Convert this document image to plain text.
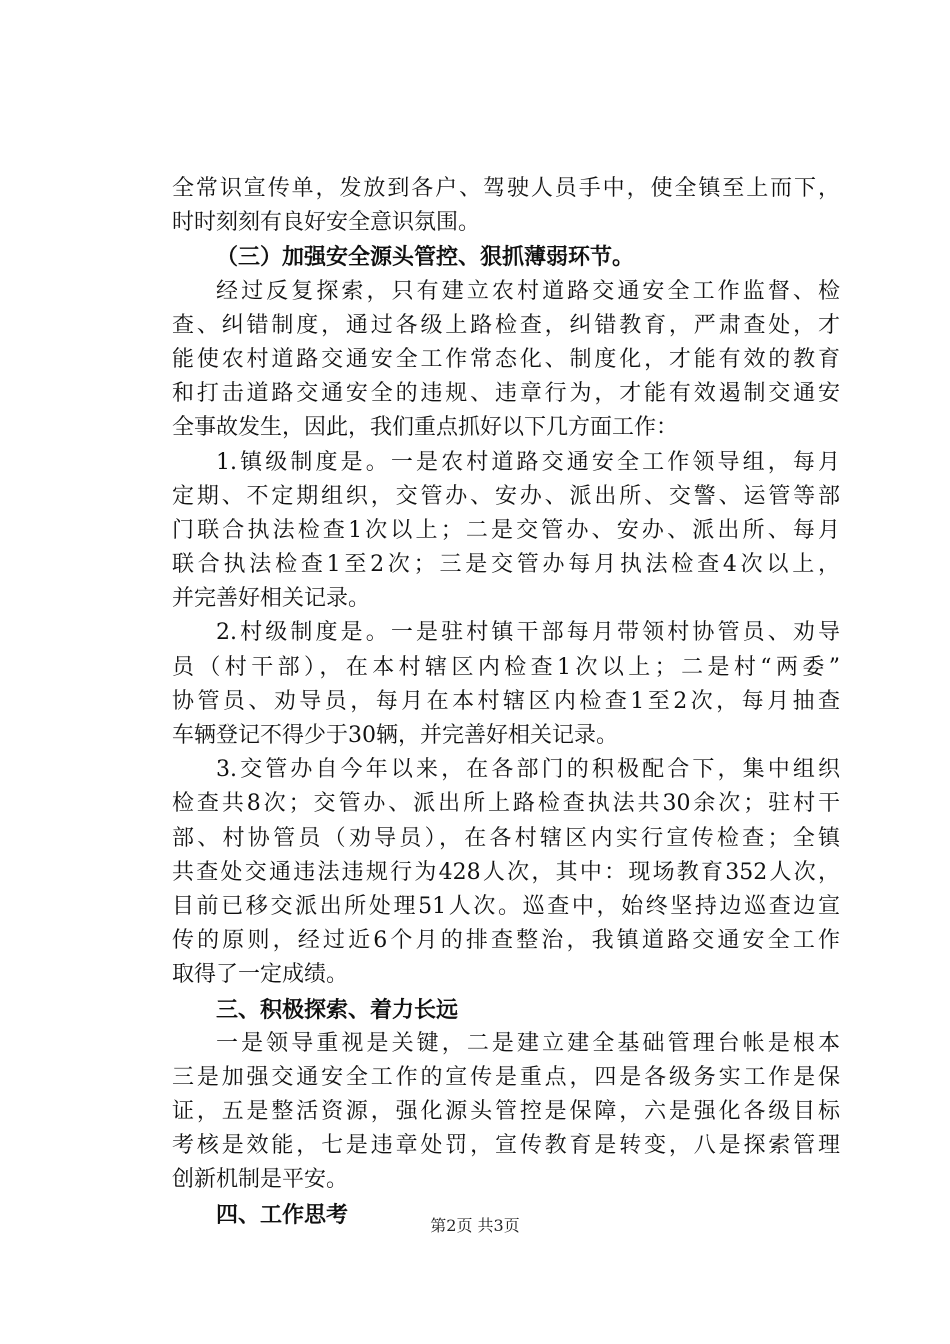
全常识宣传单，发放到各户、驾驶人员手中，使全镇至上而下，
时时刻刻有良好安全意识氛围。
（三）加强安全源头管控、狠抓薄弱环节。
经过反复探索，只有建立农村道路交通安全工作监督、检
查、纠错制度，通过各级上路检查，纠错教育，严肃查处，才
能使农村道路交通安全工作常态化、制度化，才能有效的教育
和打击道路交通安全的违规、违章行为，才能有效遏制交通安
全事故发生，因此，我们重点抓好以下几方面工作：
1.镇级制度是。一是农村道路交通安全工作领导组，每月
定期、不定期组织，交管办、安办、派出所、交警、运管等部
门联合执法检查1次以上；二是交管办、安办、派出所、每月
联合执法检查1至2次；三是交管办每月执法检查4次以上，
并完善好相关记录。
2.村级制度是。一是驻村镇干部每月带领村协管员、劝导
员（村干部），在本村辖区内检查1次以上；二是村“两委”
协管员、劝导员，每月在本村辖区内检查1至2次，每月抽查
车辆登记不得少于30辆，并完善好相关记录。
3.交管办自今年以来，在各部门的积极配合下，集中组织
检查共8次；交管办、派出所上路检查执法共30余次；驻村干
部、村协管员（劝导员），在各村辖区内实行宣传检查；全镇
共查处交通违法违规行为428人次，其中：现场教育352人次，
目前已移交派出所处理51人次。巡查中，始终坚持边巡查边宣
传的原则，经过近6个月的排查整治，我镇道路交通安全工作
取得了一定成绩。
三、积极探索、着力长远
一是领导重视是关键，二是建立建全基础管理台帐是根本
三是加强交通安全工作的宣传是重点，四是各级务实工作是保
证，五是整活资源，强化源头管控是保障，六是强化各级目标
考核是效能，七是违章处罚，宣传教育是转变，八是探索管理
创新机制是平安。
四、工作思考	第2页 共3页
